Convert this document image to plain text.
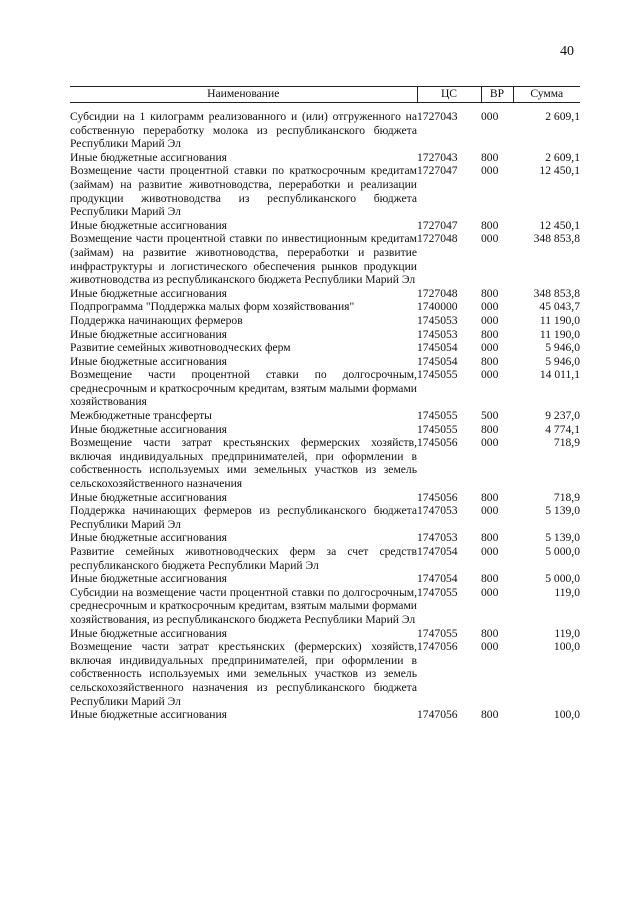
40
Наименование	ЦС	ВР	Сумма
Субсидии на 1 килограмм реализованного и (или) отгруженного на собственную переработку молока из республиканского бюджета Республики Марий Эл	1727043	000	2 609,1
Иные бюджетные ассигнования	1727043	800	2 609,1
Возмещение части процентной ставки по краткосрочным кредитам (займам) на развитие животноводства, переработки и реализации продукции животноводства из республиканского бюджета Республики Марий Эл	1727047	000	12 450,1
Иные бюджетные ассигнования	1727047	800	12 450,1
Возмещение части процентной ставки по инвестиционным кредитам (займам) на развитие животноводства, переработки и развитие инфраструктуры и логистического обеспечения рынков продукции животноводства из республиканского бюджета Республики Марий Эл	1727048	000	348 853,8
Иные бюджетные ассигнования	1727048	800	348 853,8
Подпрограмма "Поддержка малых форм хозяйствования"	1740000	000	45 043,7
Поддержка начинающих фермеров	1745053	000	11 190,0
Иные бюджетные ассигнования	1745053	800	11 190,0
Развитие семейных животноводческих ферм	1745054	000	5 946,0
Иные бюджетные ассигнования	1745054	800	5 946,0
Возмещение части процентной ставки по долгосрочным, среднесрочным и краткосрочным кредитам, взятым малыми формами хозяйствования	1745055	000	14 011,1
Межбюджетные трансферты	1745055	500	9 237,0
Иные бюджетные ассигнования	1745055	800	4 774,1
Возмещение части затрат крестьянских фермерских хозяйств, включая индивидуальных предпринимателей, при оформлении в собственность используемых ими земельных участков из земель сельскохозяйственного назначения	1745056	000	718,9
Иные бюджетные ассигнования	1745056	800	718,9
Поддержка начинающих фермеров из республиканского бюджета Республики Марий Эл	1747053	000	5 139,0
Иные бюджетные ассигнования	1747053	800	5 139,0
Развитие семейных животноводческих ферм за счет средств республиканского бюджета Республики Марий Эл	1747054	000	5 000,0
Иные бюджетные ассигнования	1747054	800	5 000,0
Субсидии на возмещение части процентной ставки по долгосрочным, среднесрочным и краткосрочным кредитам, взятым малыми формами хозяйствования, из республиканского бюджета Республики Марий Эл	1747055	000	119,0
Иные бюджетные ассигнования	1747055	800	119,0
Возмещение части затрат крестьянских (фермерских) хозяйств, включая индивидуальных предпринимателей, при оформлении в собственность используемых ими земельных участков из земель сельскохозяйственного назначения из республиканского бюджета Республики Марий Эл	1747056	000	100,0
Иные бюджетные ассигнования	1747056	800	100,0
